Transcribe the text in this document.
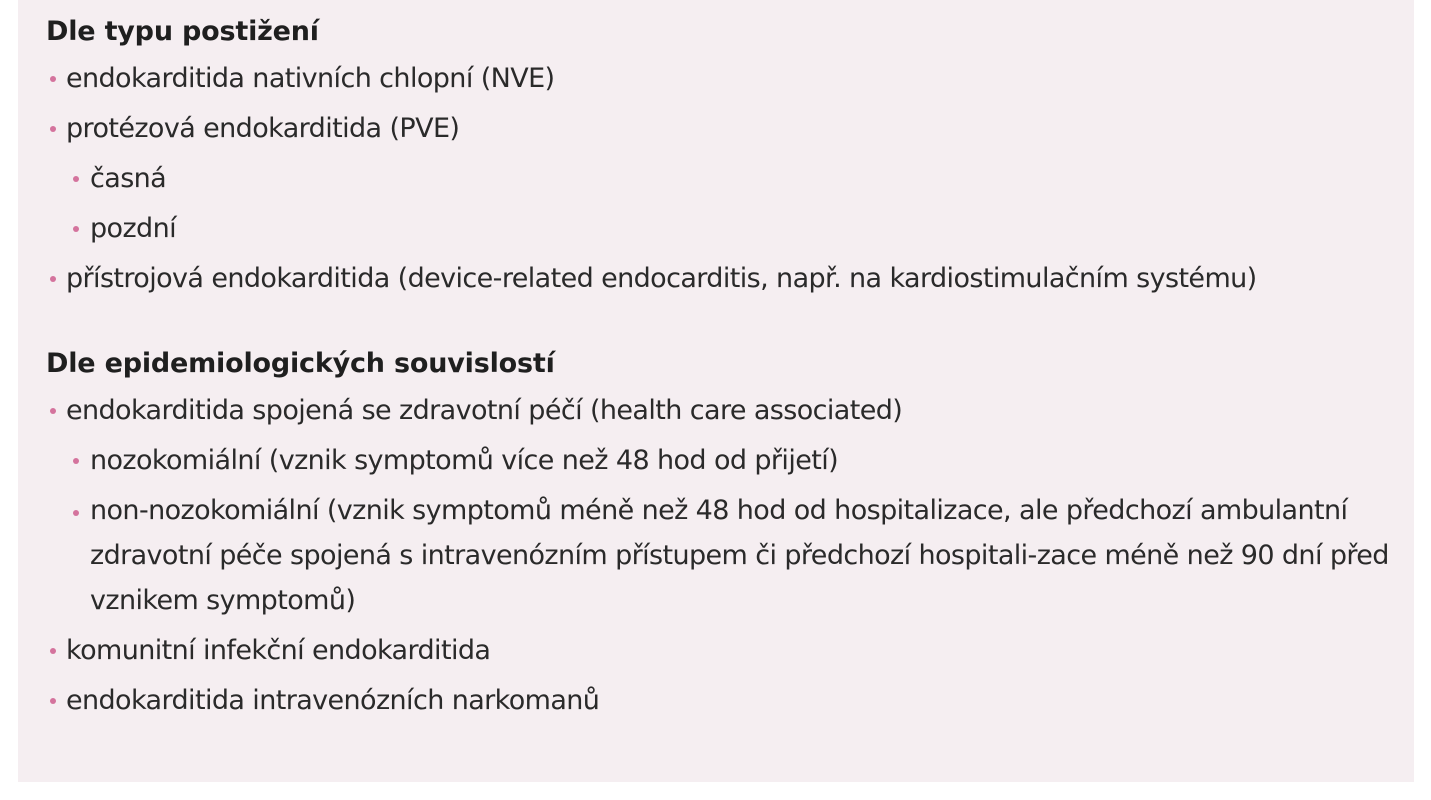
Dle typu postižení
endokarditida nativních chlopní (NVE)
protézová endokarditida (PVE)
časná
pozdní
přístrojová endokarditida (device-related endocarditis, např. na kardiostimulačním systému)
Dle epidemiologických souvislostí
endokarditida spojená se zdravotní péčí (health care associated)
nozokomiální (vznik symptomů více než 48 hod od přijetí)
non-nozokomiální (vznik symptomů méně než 48 hod od hospitalizace, ale předchozí ambulantní zdravotní péče spojená s intravenózním přístupem či předchozí hospitali-zace méně než 90 dní před vznikem symptomů)
komunitní infekční endokarditida
endokarditida intravenózních narkomanů
